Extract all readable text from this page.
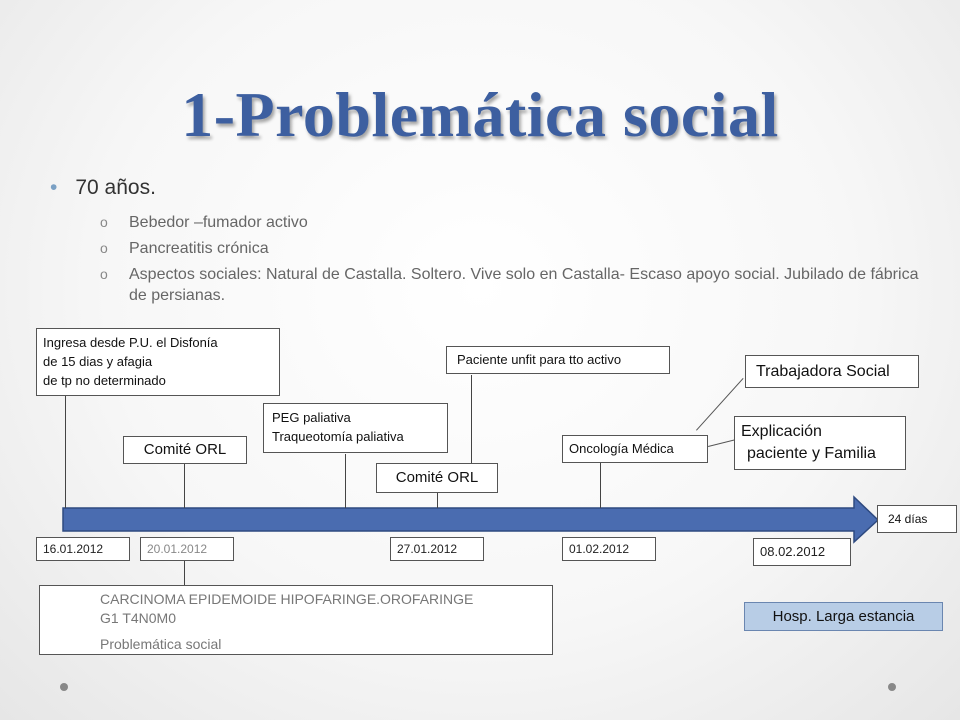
1-Problemática social
• 70 años.
o Bebedor –fumador activo
o Pancreatitis crónica
o Aspectos sociales: Natural de Castalla. Soltero. Vive solo en Castalla- Escaso apoyo social. Jubilado de fábrica de persianas.
Ingresa desde P.U. el Disfonía
de 15 dias y afagia
de tp no determinado
Comité ORL
PEG paliativa
Traqueotomía paliativa
Comité ORL
Paciente unfit para tto activo
Oncología Médica
Trabajadora Social
Explicación
paciente y Familia
24 días
16.01.2012	20.01.2012	27.01.2012	01.02.2012	08.02.2012
CARCINOMA EPIDEMOIDE HIPOFARINGE.OROFARINGE
G1 T4N0M0
Problemática social
Hosp. Larga estancia
